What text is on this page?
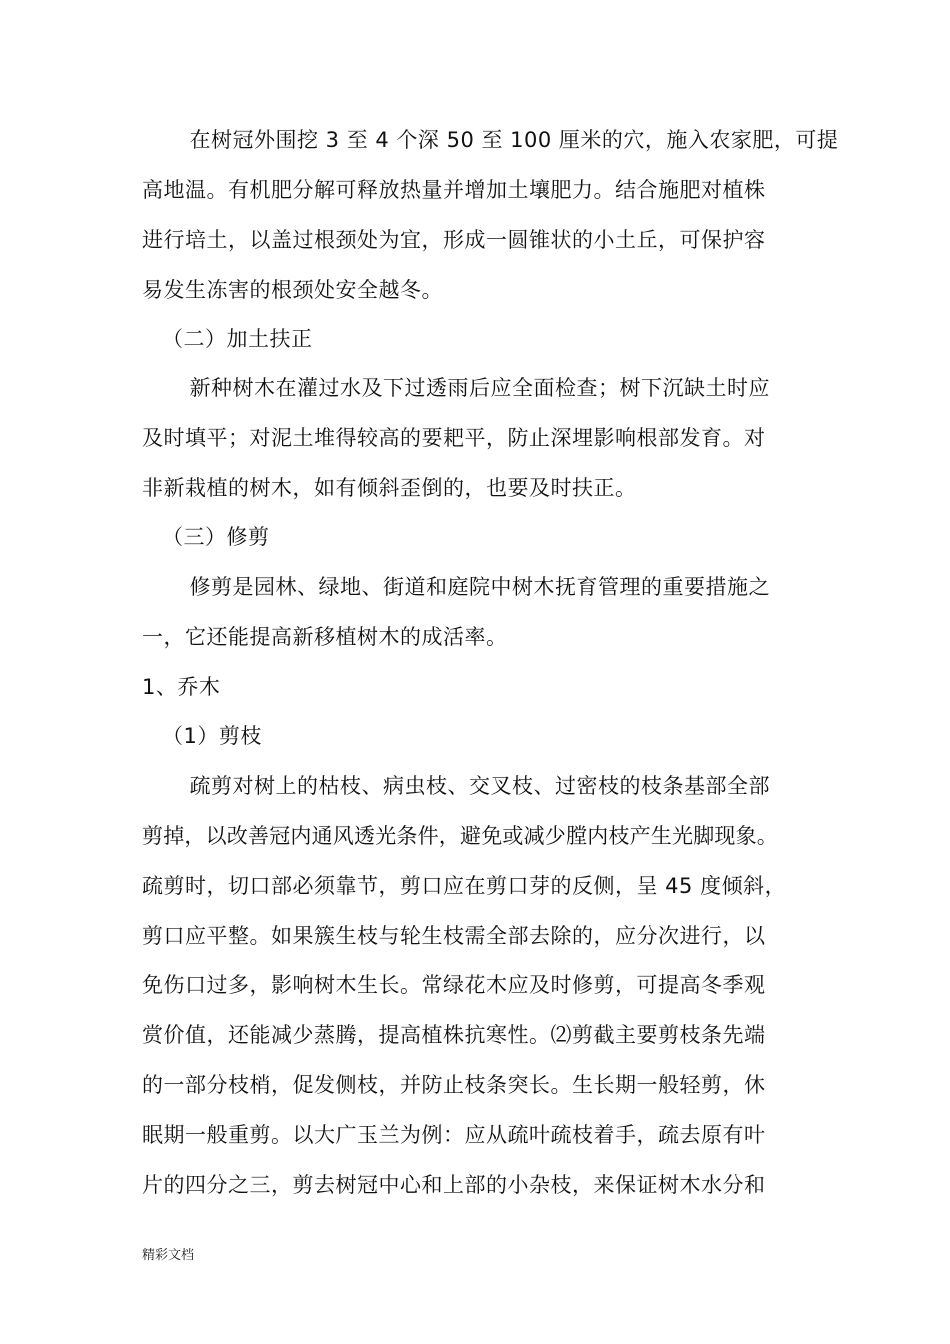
　在树冠外围挖 3 至 4 个深 50 至 100 厘米的穴，施入农家肥，可提
高地温。有机肥分解可释放热量并增加土壤肥力。结合施肥对植株
进行培土，以盖过根颈处为宜，形成一圆锥状的小土丘，可保护容
易发生冻害的根颈处安全越冬。
（二）加土扶正
　新种树木在灌过水及下过透雨后应全面检查；树下沉缺土时应
及时填平；对泥土堆得较高的要耙平，防止深埋影响根部发育。对
非新栽植的树木，如有倾斜歪倒的，也要及时扶正。
（三）修剪
　修剪是园林、绿地、街道和庭院中树木抚育管理的重要措施之
一，它还能提高新移植树木的成活率。
1、乔木
（1）剪枝
　疏剪对树上的枯枝、病虫枝、交叉枝、过密枝的枝条基部全部
剪掉，以改善冠内通风透光条件，避免或减少膛内枝产生光脚现象。
疏剪时，切口部必须靠节，剪口应在剪口芽的反侧，呈 45 度倾斜，
剪口应平整。如果簇生枝与轮生枝需全部去除的，应分次进行，以
免伤口过多，影响树木生长。常绿花木应及时修剪，可提高冬季观
赏价值，还能减少蒸腾，提高植株抗寒性。⑵剪截主要剪枝条先端
的一部分枝梢，促发侧枝，并防止枝条突长。生长期一般轻剪，休
眠期一般重剪。以大广玉兰为例：应从疏叶疏枝着手，疏去原有叶
片的四分之三，剪去树冠中心和上部的小杂枝，来保证树木水分和
精彩文档
